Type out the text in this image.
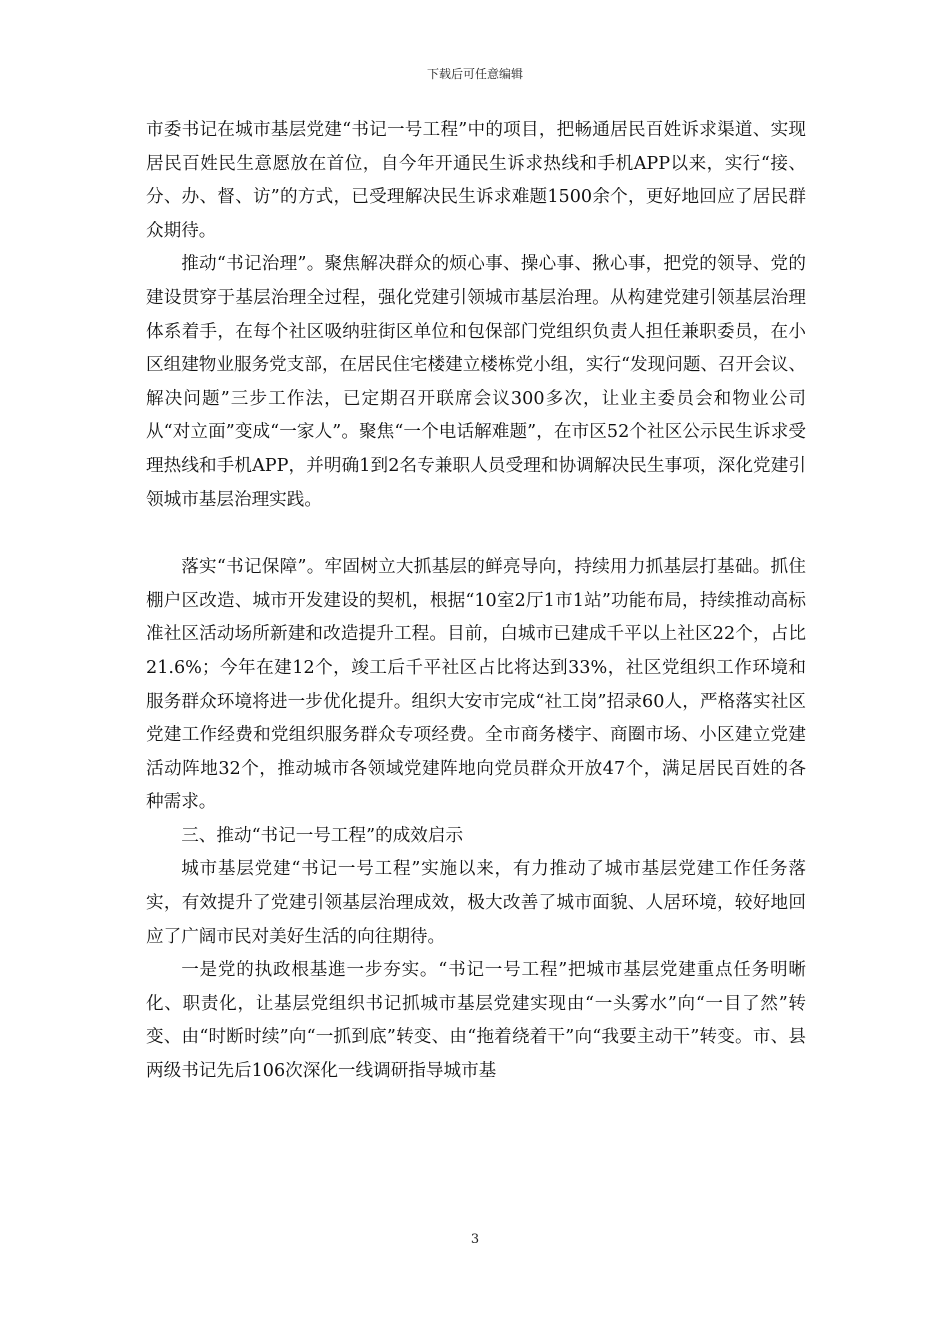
下载后可任意编辑

市委书记在城市基层党建“书记一号工程”中的项目，把畅通居民百姓诉求渠道、实现居民百姓民生意愿放在首位，自今年开通民生诉求热线和手机APP以来，实行“接、分、办、督、访”的方式，已受理解决民生诉求难题1500余个，更好地回应了居民群众期待。

推动“书记治理”。聚焦解决群众的烦心事、操心事、揪心事，把党的领导、党的建设贯穿于基层治理全过程，强化党建引领城市基层治理。从构建党建引领基层治理体系着手，在每个社区吸纳驻街区单位和包保部门党组织负责人担任兼职委员，在小区组建物业服务党支部，在居民住宅楼建立楼栋党小组，实行“发现问题、召开会议、解决问题”三步工作法，已定期召开联席会议300多次，让业主委员会和物业公司从“对立面”变成“一家人”。聚焦“一个电话解难题”，在市区52个社区公示民生诉求受理热线和手机APP，并明确1到2名专兼职人员受理和协调解决民生事项，深化党建引领城市基层治理实践。

落实“书记保障”。牢固树立大抓基层的鲜亮导向，持续用力抓基层打基础。抓住棚户区改造、城市开发建设的契机，根据“10室2厅1市1站”功能布局，持续推动高标准社区活动场所新建和改造提升工程。目前，白城市已建成千平以上社区22个，占比21.6%；今年在建12个，竣工后千平社区占比将达到33%，社区党组织工作环境和服务群众环境将进一步优化提升。组织大安市完成“社工岗”招录60人，严格落实社区党建工作经费和党组织服务群众专项经费。全市商务楼宇、商圈市场、小区建立党建活动阵地32个，推动城市各领域党建阵地向党员群众开放47个，满足居民百姓的各种需求。

三、推动“书记一号工程”的成效启示

城市基层党建“书记一号工程”实施以来，有力推动了城市基层党建工作任务落实，有效提升了党建引领基层治理成效，极大改善了城市面貌、人居环境，较好地回应了广阔市民对美好生活的向往期待。

一是党的执政根基進一步夯实。“书记一号工程”把城市基层党建重点任务明晰化、职责化，让基层党组织书记抓城市基层党建实现由“一头雾水”向“一目了然”转变、由“时断时续”向“一抓到底”转变、由“拖着绕着干”向“我要主动干”转变。市、县两级书记先后106次深化一线调研指导城市基

3
